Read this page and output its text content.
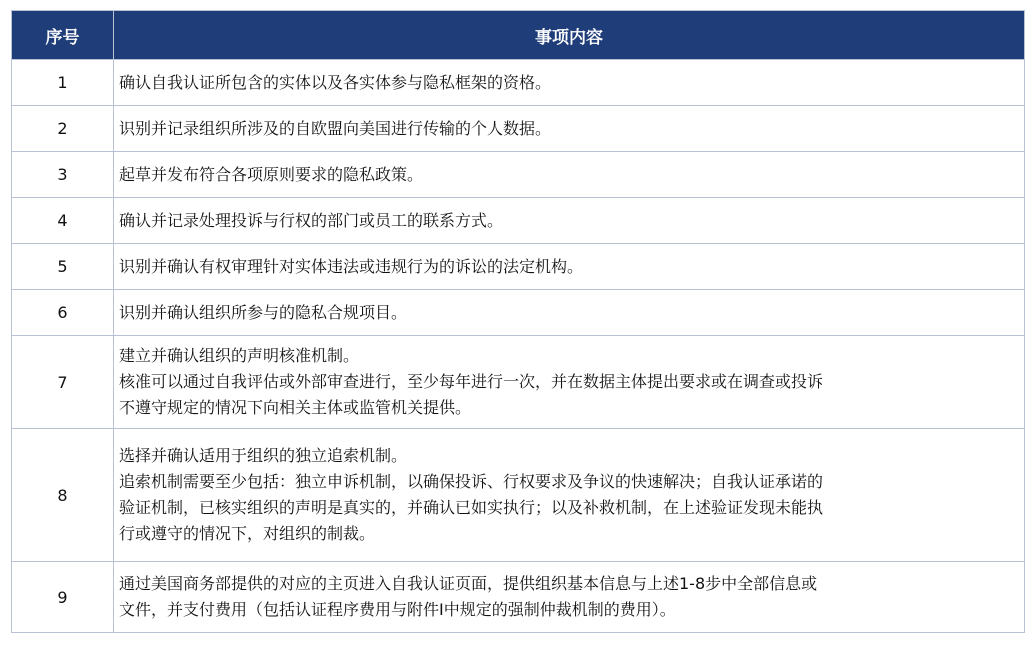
序号	事项内容
1	确认自我认证所包含的实体以及各实体参与隐私框架的资格。

2	识别并记录组织所涉及的自欧盟向美国进行传输的个人数据。

3	起草并发布符合各项原则要求的隐私政策。

4	确认并记录处理投诉与行权的部门或员工的联系方式。

5	识别并确认有权审理针对实体违法或违规行为的诉讼的法定机构。

6	识别并确认组织所参与的隐私合规项目。

7	建立并确认组织的声明核准机制。
核准可以通过自我评估或外部审查进行，至少每年进行一次，并在数据主体提出要求或在调查或投诉
不遵守规定的情况下向相关主体或监管机关提供。

8	选择并确认适用于组织的独立追索机制。
追索机制需要至少包括：独立申诉机制，以确保投诉、行权要求及争议的快速解决；自我认证承诺的
验证机制，已核实组织的声明是真实的，并确认已如实执行；以及补救机制，在上述验证发现未能执
行或遵守的情况下，对组织的制裁。

9	通过美国商务部提供的对应的主页进入自我认证页面，提供组织基本信息与上述1-8步中全部信息或
文件，并支付费用（包括认证程序费用与附件I中规定的强制仲裁机制的费用）。
